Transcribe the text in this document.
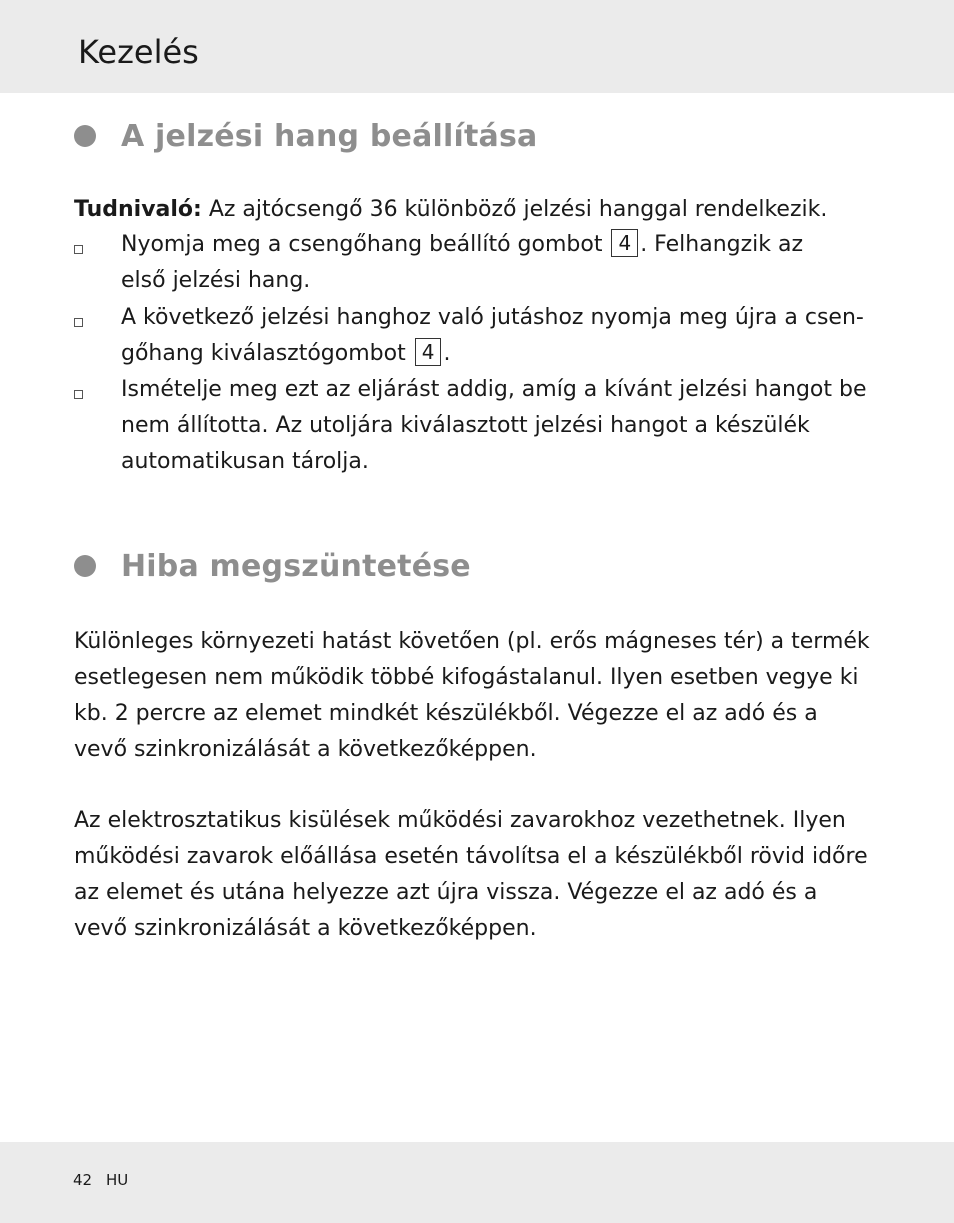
Kezelés
A jelzési hang beállítása
Tudnivaló: Az ajtócsengő 36 különböző jelzési hanggal rendelkezik.
Nyomja meg a csengőhang beállító gombot 4 . Felhangzik az
első jelzési hang.
A következő jelzési hanghoz való jutáshoz nyomja meg újra a csen-
gőhang kiválasztógombot 4 .
Ismételje meg ezt az eljárást addig, amíg a kívánt jelzési hangot be
nem állította. Az utoljára kiválasztott jelzési hangot a készülék
automatikusan tárolja.
Hiba megszüntetése
Különleges környezeti hatást követően (pl. erős mágneses tér) a termék
esetlegesen nem működik többé kifogástalanul. Ilyen esetben vegye ki
kb. 2 percre az elemet mindkét készülékből. Végezze el az adó és a
vevő szinkronizálását a következőképpen.
Az elektrosztatikus kisülések működési zavarokhoz vezethetnek. Ilyen
működési zavarok előállása esetén távolítsa el a készülékből rövid időre
az elemet és utána helyezze azt újra vissza. Végezze el az adó és a
vevő szinkronizálását a következőképpen.
42 HU
